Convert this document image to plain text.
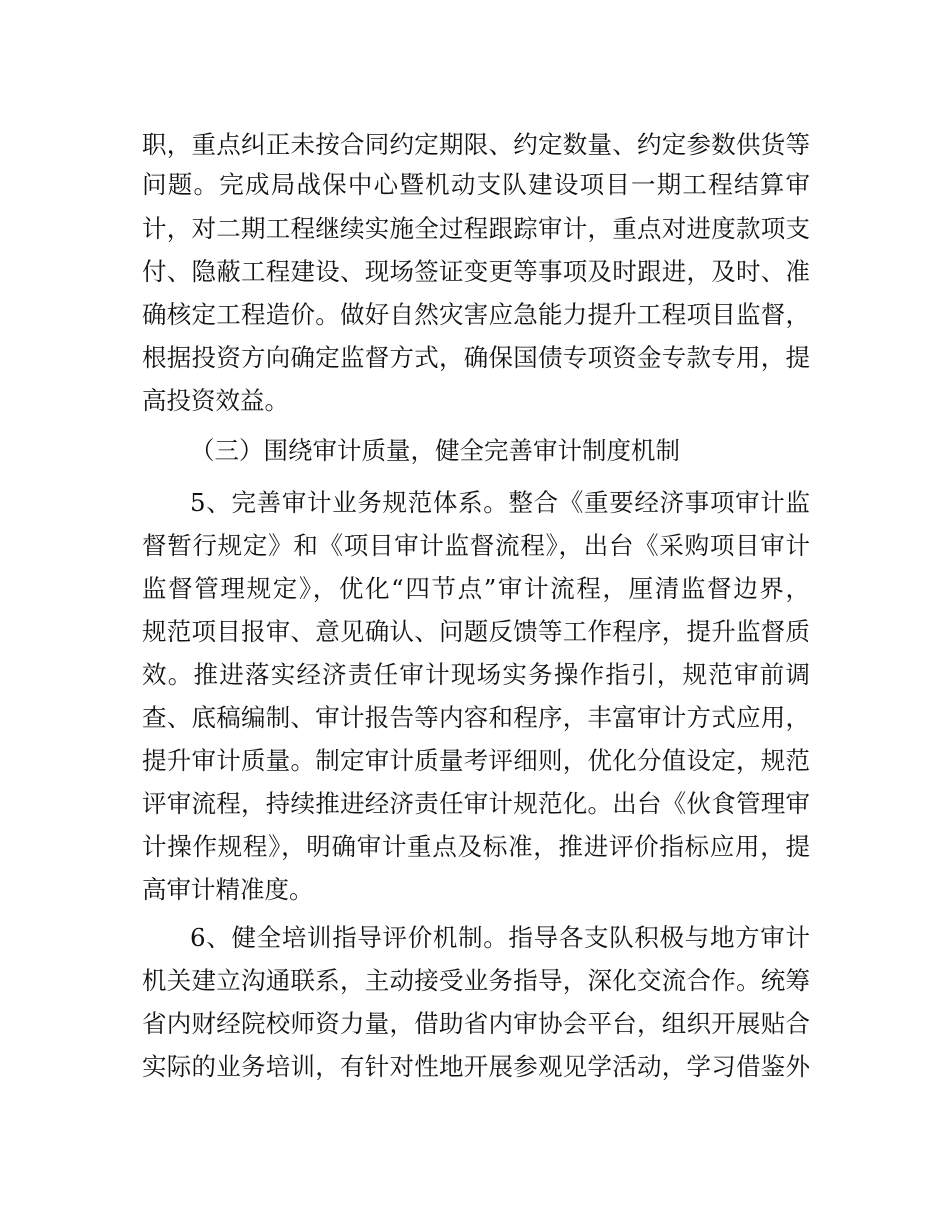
职，重点纠正未按合同约定期限、约定数量、约定参数供货等
问题。完成局战保中心暨机动支队建设项目一期工程结算审
计，对二期工程继续实施全过程跟踪审计，重点对进度款项支
付、隐蔽工程建设、现场签证变更等事项及时跟进，及时、准
确核定工程造价。做好自然灾害应急能力提升工程项目监督，
根据投资方向确定监督方式，确保国债专项资金专款专用，提
高投资效益。
（三）围绕审计质量，健全完善审计制度机制
5、完善审计业务规范体系。整合《重要经济事项审计监
督暂行规定》和《项目审计监督流程》，出台《采购项目审计
监督管理规定》，优化“四节点”审计流程，厘清监督边界，
规范项目报审、意见确认、问题反馈等工作程序，提升监督质
效。推进落实经济责任审计现场实务操作指引，规范审前调
查、底稿编制、审计报告等内容和程序，丰富审计方式应用，
提升审计质量。制定审计质量考评细则，优化分值设定，规范
评审流程，持续推进经济责任审计规范化。出台《伙食管理审
计操作规程》，明确审计重点及标准，推进评价指标应用，提
高审计精准度。
6、健全培训指导评价机制。指导各支队积极与地方审计
机关建立沟通联系，主动接受业务指导，深化交流合作。统筹
省内财经院校师资力量，借助省内审协会平台，组织开展贴合
实际的业务培训，有针对性地开展参观见学活动，学习借鉴外
